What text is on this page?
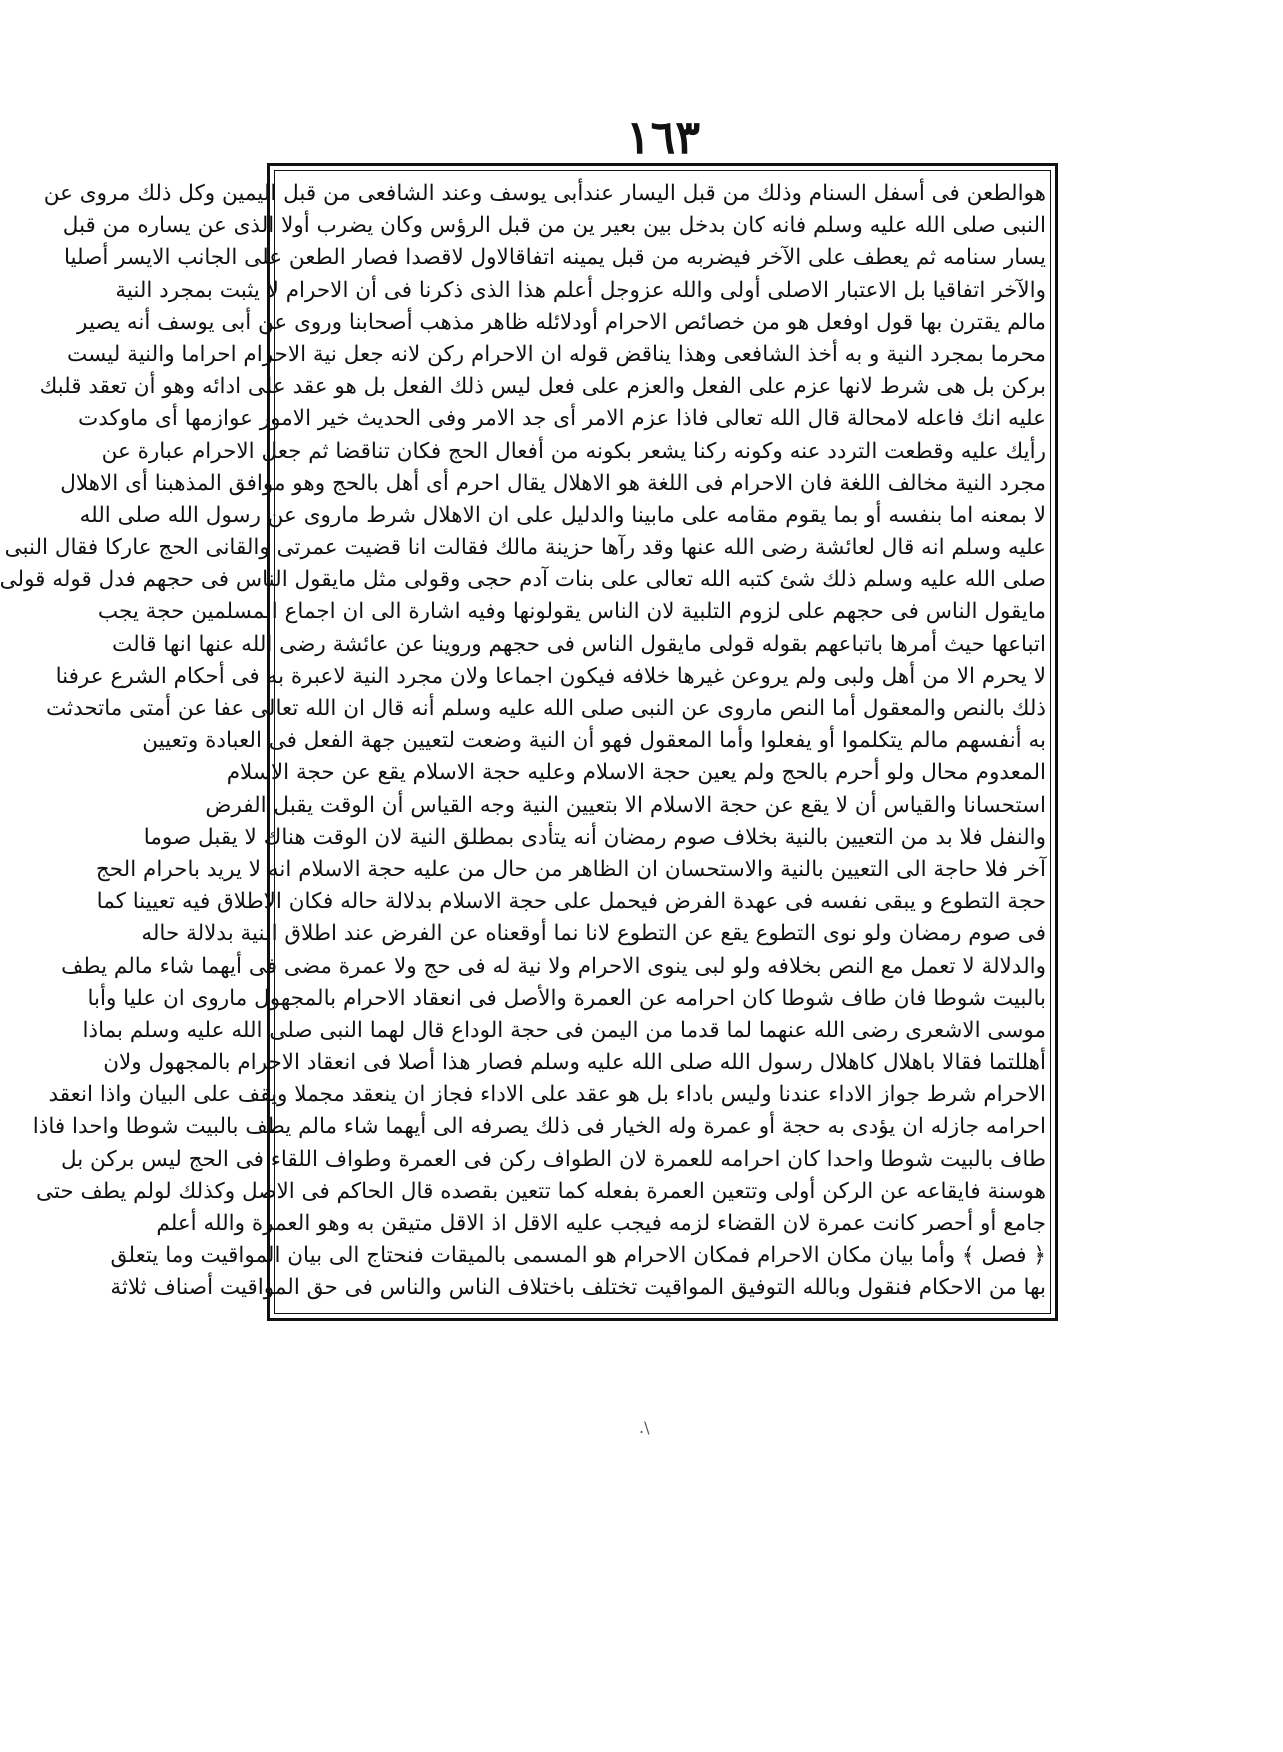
١٦٣
هوالطعن فى أسفل السنام وذلك من قبل اليسار عندأبى يوسف وعند الشافعى من قبل اليمين وكل ذلك مروى عن
النبى صلى الله عليه وسلم فانه كان بدخل بين بعير ين من قبل الرؤس وكان يضرب أولا الذى عن يساره من قبل
يسار سنامه ثم يعطف على الآخر فيضربه من قبل يمينه اتفاقالاول لاقصدا فصار الطعن على الجانب الايسر أصليا
والآخر اتفاقيا بل الاعتبار الاصلى أولى والله عزوجل أعلم هذا الذى ذكرنا فى أن الاحرام لا يثبت بمجرد النية
مالم يقترن بها قول اوفعل هو من خصائص الاحرام أودلائله ظاهر مذهب أصحابنا وروى عن أبى يوسف أنه يصير
محرما بمجرد النية و به أخذ الشافعى وهذا يناقض قوله ان الاحرام ركن لانه جعل نية الاحرام احراما والنية ليست
بركن بل هى شرط لانها عزم على الفعل والعزم على فعل ليس ذلك الفعل بل هو عقد على ادائه وهو أن تعقد قلبك
عليه انك فاعله لامحالة قال الله تعالى فاذا عزم الامر أى جد الامر وفى الحديث خير الامور عوازمها أى ماوكدت
رأيك عليه وقطعت التردد عنه وكونه ركنا يشعر بكونه من أفعال الحج فكان تناقضا ثم جعل الاحرام عبارة عن
مجرد النية مخالف اللغة فان الاحرام فى اللغة هو الاهلال يقال احرم أى أهل بالحج وهو موافق المذهبنا أى الاهلال
لا بمعنه اما بنفسه أو بما يقوم مقامه على مابينا والدليل على ان الاهلال شرط ماروى عن رسول الله صلى الله
عليه وسلم انه قال لعائشة رضى الله عنها وقد رآها حزينة مالك فقالت انا قضيت عمرتى والقانى الحج عاركا فقال النبى
صلى الله عليه وسلم ذلك شئ كتبه الله تعالى على بنات آدم حجى وقولى مثل مايقول الناس فى حجهم فدل قوله قولى
مايقول الناس فى حجهم على لزوم التلبية لان الناس يقولونها وفيه اشارة الى ان اجماع المسلمين حجة يجب
اتباعها حيث أمرها باتباعهم بقوله قولى مايقول الناس فى حجهم وروينا عن عائشة رضى الله عنها انها قالت
لا يحرم الا من أهل ولبى ولم يروعن غيرها خلافه فيكون اجماعا ولان مجرد النية لاعبرة به فى أحكام الشرع عرفنا
ذلك بالنص والمعقول أما النص ماروى عن النبى صلى الله عليه وسلم أنه قال ان الله تعالى عفا عن أمتى ماتحدثت
به أنفسهم مالم يتكلموا أو يفعلوا وأما المعقول فهو أن النية وضعت لتعيين جهة الفعل فى العبادة وتعيين
المعدوم محال ولو أحرم بالحج ولم يعين حجة الاسلام وعليه حجة الاسلام يقع عن حجة الاسلام
استحسانا والقياس أن لا يقع عن حجة الاسلام الا بتعيين النية وجه القياس أن الوقت يقبل الفرض
والنفل فلا بد من التعيين بالنية بخلاف صوم رمضان أنه يتأدى بمطلق النية لان الوقت هناك لا يقبل صوما
آخر فلا حاجة الى التعيين بالنية والاستحسان ان الظاهر من حال من عليه حجة الاسلام انه لا يريد باحرام الحج
حجة التطوع و يبقى نفسه فى عهدة الفرض فيحمل على حجة الاسلام بدلالة حاله فكان الاطلاق فيه تعيينا كما
فى صوم رمضان ولو نوى التطوع يقع عن التطوع لانا نما أوقعناه عن الفرض عند اطلاق النية بدلالة حاله
والدلالة لا تعمل مع النص بخلافه ولو لبى ينوى الاحرام ولا نية له فى حج ولا عمرة مضى فى أيهما شاء مالم يطف
بالبيت شوطا فان طاف شوطا كان احرامه عن العمرة والأصل فى انعقاد الاحرام بالمجهول ماروى ان عليا وأبا
موسى الاشعرى رضى الله عنهما لما قدما من اليمن فى حجة الوداع قال لهما النبى صلى الله عليه وسلم بماذا
أهللتما فقالا باهلال كاهلال رسول الله صلى الله عليه وسلم فصار هذا أصلا فى انعقاد الاحرام بالمجهول ولان
الاحرام شرط جواز الاداء عندنا وليس باداء بل هو عقد على الاداء فجاز ان ينعقد مجملا ويقف على البيان واذا انعقد
احرامه جازله ان يؤدى به حجة أو عمرة وله الخيار فى ذلك يصرفه الى أيهما شاء مالم يطف بالبيت شوطا واحدا فاذا
طاف بالبيت شوطا واحدا كان احرامه للعمرة لان الطواف ركن فى العمرة وطواف اللقاء فى الحج ليس بركن بل
هوسنة فايقاعه عن الركن أولى وتتعين العمرة بفعله كما تتعين بقصده قال الحاكم فى الاصل وكذلك لولم يطف حتى
جامع أو أحصر كانت عمرة لان القضاء لزمه فيجب عليه الاقل اذ الاقل متيقن به وهو العمرة والله أعلم
﴿ فصل ﴾ وأما بيان مكان الاحرام فمكان الاحرام هو المسمى بالميقات فنحتاج الى بيان المواقيت وما يتعلق
بها من الاحكام فنقول وبالله التوفيق المواقيت تختلف باختلاف الناس والناس فى حق المواقيت أصناف ثلاثة
\.
